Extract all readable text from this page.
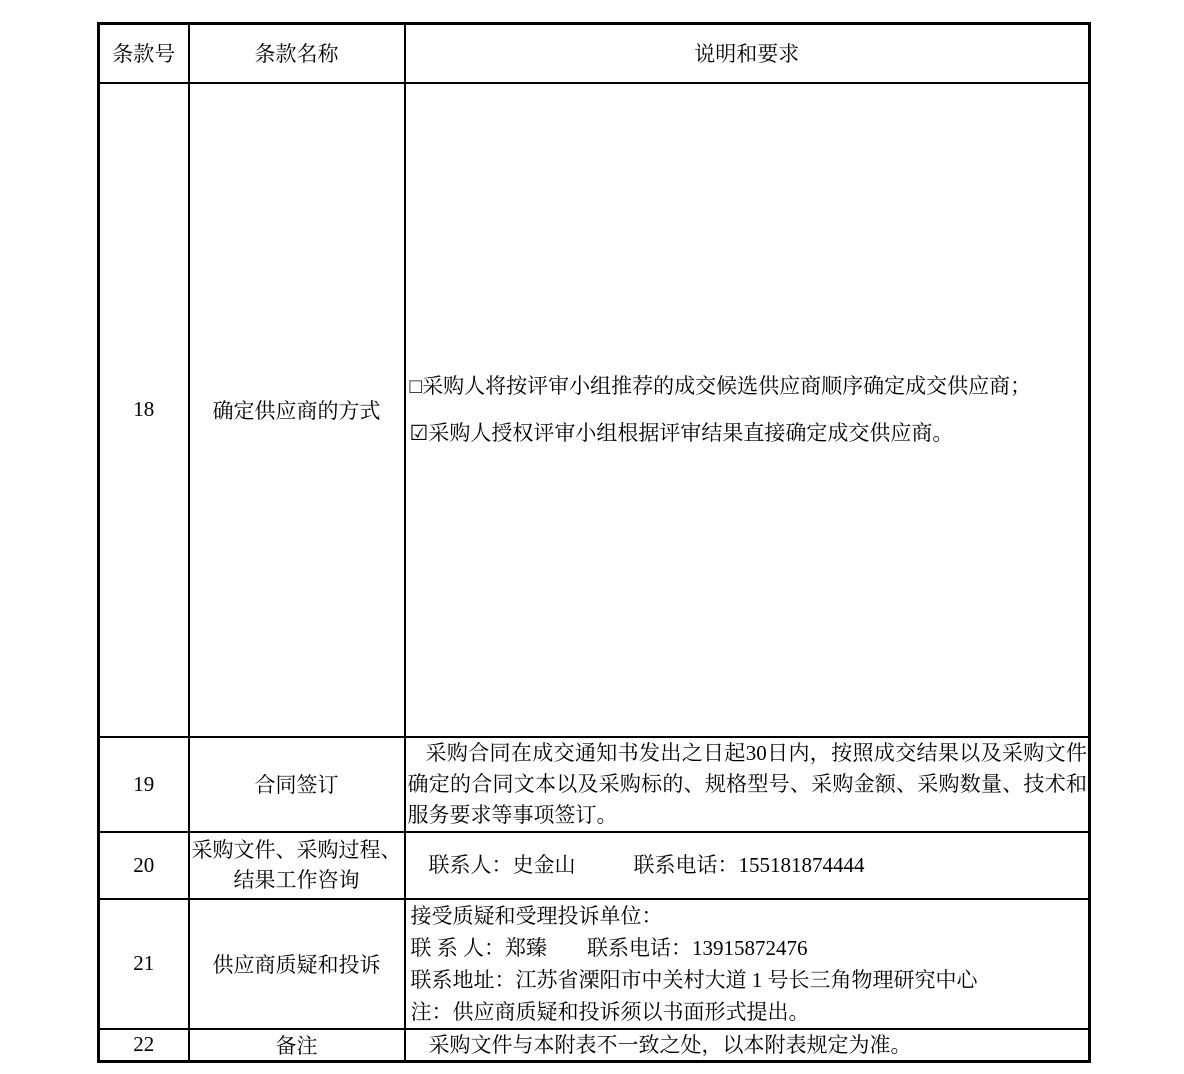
条款号	条款名称	说明和要求
18	确定供应商的方式	□采购人将按评审小组推荐的成交候选供应商顺序确定成交供应商；

☑采购人授权评审小组根据评审结果直接确定成交供应商。

19	合同签订	采购合同在成交通知书发出之日起30日内，按照成交结果以及采购文件确定的合同文本以及采购标的、规格型号、采购金额、采购数量、技术和服务要求等事项签订。

20	采购文件、采购过程、
结果工作咨询	联系人：史金山 联系电话：155181874444

21	供应商质疑和投诉	接受质疑和受理投诉单位：
联 系 人：郑臻 联系电话：13915872476
联系地址：江苏省溧阳市中关村大道 1 号长三角物理研究中心
注：供应商质疑和投诉须以书面形式提出。

22	备注	采购文件与本附表不一致之处，以本附表规定为准。
